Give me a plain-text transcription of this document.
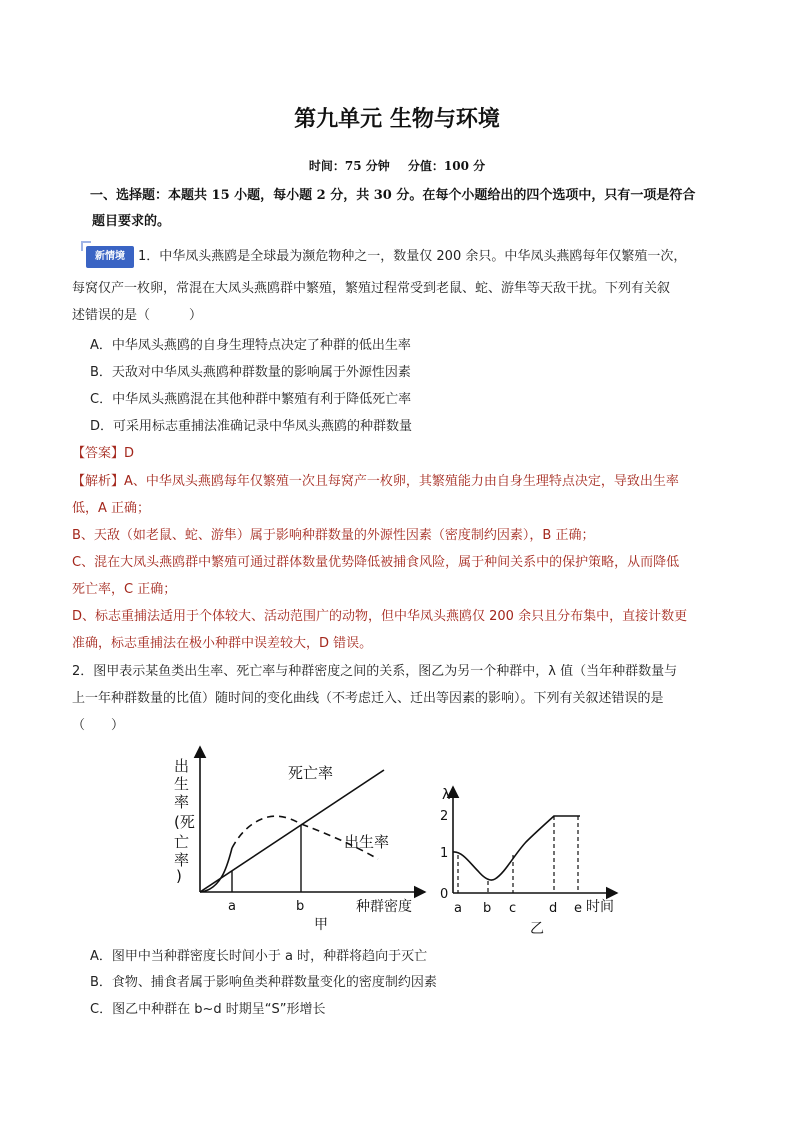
第九单元 生物与环境
时间：75 分钟 分值：100 分
一、选择题：本题共 15 小题，每小题 2 分，共 30 分。在每个小题给出的四个选项中，只有一项是符合
题目要求的。
新情境 1．中华凤头燕鸥是全球最为濒危物种之一，数量仅 200 余只。中华凤头燕鸥每年仅繁殖一次，
每窝仅产一枚卵，常混在大凤头燕鸥群中繁殖，繁殖过程常受到老鼠、蛇、游隼等天敌干扰。下列有关叙
述错误的是（　　　）
A．中华凤头燕鸥的自身生理特点决定了种群的低出生率
B．天敌对中华凤头燕鸥种群数量的影响属于外源性因素
C．中华凤头燕鸥混在其他种群中繁殖有利于降低死亡率
D．可采用标志重捕法准确记录中华凤头燕鸥的种群数量
【答案】D
【解析】A、中华凤头燕鸥每年仅繁殖一次且每窝产一枚卵，其繁殖能力由自身生理特点决定，导致出生率
低，A 正确；
B、天敌（如老鼠、蛇、游隼）属于影响种群数量的外源性因素（密度制约因素），B 正确；
C、混在大凤头燕鸥群中繁殖可通过群体数量优势降低被捕食风险，属于种间关系中的保护策略，从而降低
死亡率，C 正确；
D、标志重捕法适用于个体较大、活动范围广的动物，但中华凤头燕鸥仅 200 余只且分布集中，直接计数更
准确，标志重捕法在极小种群中误差较大，D 错误。
2．图甲表示某鱼类出生率、死亡率与种群密度之间的关系，图乙为另一个种群中，λ 值（当年种群数量与
上一年种群数量的比值）随时间的变化曲线（不考虑迁入、迁出等因素的影响）。下列有关叙述错误的是
（　　）
出
生
率
(死
亡
率
)
死亡率
出生率
种群密度
a	b
甲
λ
2
1
0
a b c	d e 时间
乙
A．图甲中当种群密度长时间小于 a 时，种群将趋向于灭亡
B．食物、捕食者属于影响鱼类种群数量变化的密度制约因素
C．图乙中种群在 b~d 时期呈“S”形增长
